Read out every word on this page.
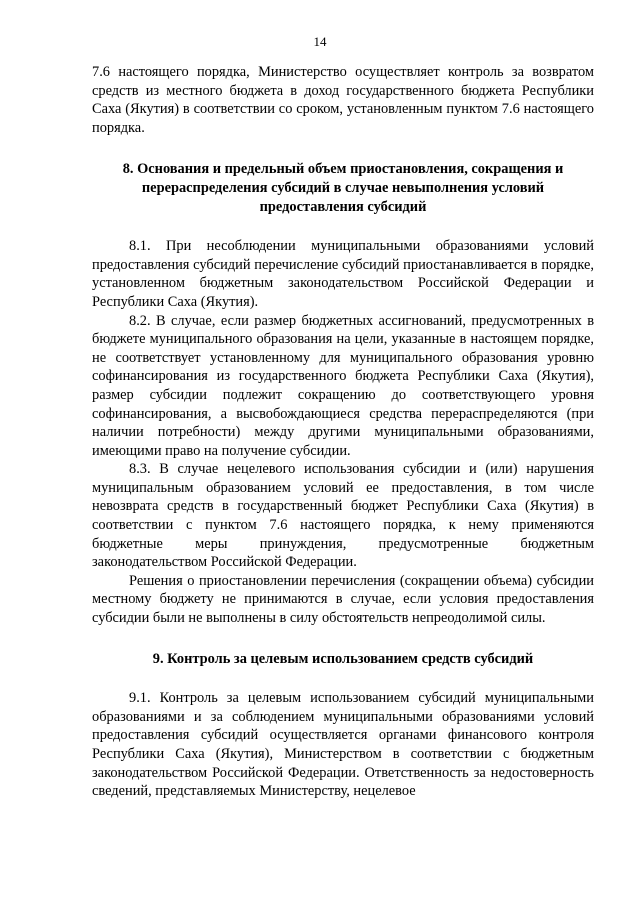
14

7.6 настоящего порядка, Министерство осуществляет контроль за возвратом средств из местного бюджета в доход государственного бюджета Республики Саха (Якутия) в соответствии со сроком, установленным пунктом 7.6 настоящего порядка.

8. Основания и предельный объем приостановления, сокращения и перераспределения субсидий в случае невыполнения условий предоставления субсидий

8.1. При несоблюдении муниципальными образованиями условий предоставления субсидий перечисление субсидий приостанавливается в порядке, установленном бюджетным законодательством Российской Федерации и Республики Саха (Якутия).

8.2. В случае, если размер бюджетных ассигнований, предусмотренных в бюджете муниципального образования на цели, указанные в настоящем порядке, не соответствует установленному для муниципального образования уровню софинансирования из государственного бюджета Республики Саха (Якутия), размер субсидии подлежит сокращению до соответствующего уровня софинансирования, а высвобождающиеся средства перераспределяются (при наличии потребности) между другими муниципальными образованиями, имеющими право на получение субсидии.

8.3. В случае нецелевого использования субсидии и (или) нарушения муниципальным образованием условий ее предоставления, в том числе невозврата средств в государственный бюджет Республики Саха (Якутия) в соответствии с пунктом 7.6 настоящего порядка, к нему применяются бюджетные меры принуждения, предусмотренные бюджетным законодательством Российской Федерации.

Решения о приостановлении перечисления (сокращении объема) субсидии местному бюджету не принимаются в случае, если условия предоставления субсидии были не выполнены в силу обстоятельств непреодолимой силы.

9. Контроль за целевым использованием средств субсидий

9.1. Контроль за целевым использованием субсидий муниципальными образованиями и за соблюдением муниципальными образованиями условий предоставления субсидий осуществляется органами финансового контроля Республики Саха (Якутия), Министерством в соответствии с бюджетным законодательством Российской Федерации. Ответственность за недостоверность сведений, представляемых Министерству, нецелевое
